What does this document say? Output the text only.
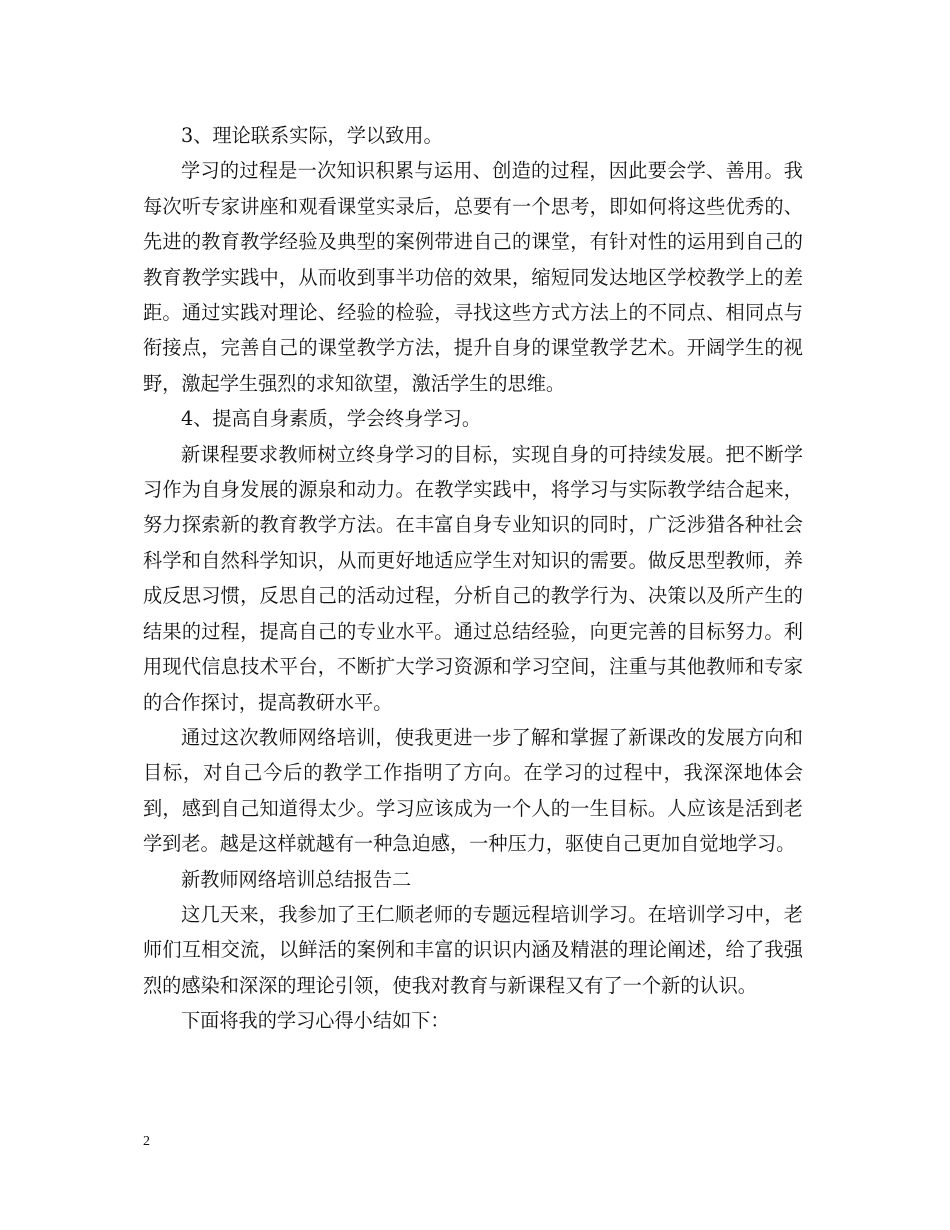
3、理论联系实际，学以致用。

学习的过程是一次知识积累与运用、创造的过程，因此要会学、善用。我每次听专家讲座和观看课堂实录后，总要有一个思考，即如何将这些优秀的、先进的教育教学经验及典型的案例带进自己的课堂，有针对性的运用到自己的教育教学实践中，从而收到事半功倍的效果，缩短同发达地区学校教学上的差距。通过实践对理论、经验的检验，寻找这些方式方法上的不同点、相同点与衔接点，完善自己的课堂教学方法，提升自身的课堂教学艺术。开阔学生的视野，激起学生强烈的求知欲望，激活学生的思维。

4、提高自身素质，学会终身学习。

新课程要求教师树立终身学习的目标，实现自身的可持续发展。把不断学习作为自身发展的源泉和动力。在教学实践中，将学习与实际教学结合起来，努力探索新的教育教学方法。在丰富自身专业知识的同时，广泛涉猎各种社会科学和自然科学知识，从而更好地适应学生对知识的需要。做反思型教师，养成反思习惯，反思自己的活动过程，分析自己的教学行为、决策以及所产生的结果的过程，提高自己的专业水平。通过总结经验，向更完善的目标努力。利用现代信息技术平台，不断扩大学习资源和学习空间，注重与其他教师和专家的合作探讨，提高教研水平。

通过这次教师网络培训，使我更进一步了解和掌握了新课改的发展方向和目标，对自己今后的教学工作指明了方向。在学习的过程中，我深深地体会到，感到自己知道得太少。学习应该成为一个人的一生目标。人应该是活到老学到老。越是这样就越有一种急迫感，一种压力，驱使自己更加自觉地学习。

新教师网络培训总结报告二

这几天来，我参加了王仁顺老师的专题远程培训学习。在培训学习中，老师们互相交流，以鲜活的案例和丰富的识识内涵及精湛的理论阐述，给了我强烈的感染和深深的理论引领，使我对教育与新课程又有了一个新的认识。

下面将我的学习心得小结如下：

2
